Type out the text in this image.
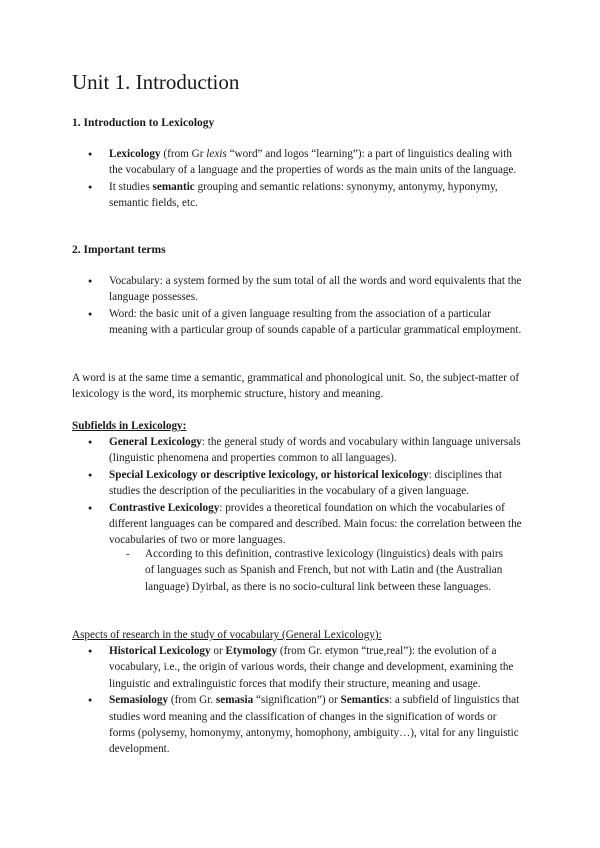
Unit 1. Introduction

1. Introduction to Lexicology

● Lexicology (from Gr lexis “word” and logos “learning”): a part of linguistics dealing with the vocabulary of a language and the properties of words as the main units of the language.
● It studies semantic grouping and semantic relations: synonymy, antonymy, hyponymy, semantic fields, etc.

2. Important terms

● Vocabulary: a system formed by the sum total of all the words and word equivalents that the language possesses.
● Word: the basic unit of a given language resulting from the association of a particular meaning with a particular group of sounds capable of a particular grammatical employment.

A word is at the same time a semantic, grammatical and phonological unit. So, the subject-matter of lexicology is the word, its morphemic structure, history and meaning.

Subfields in Lexicology:

● General Lexicology: the general study of words and vocabulary within language universals (linguistic phenomena and properties common to all languages).
● Special Lexicology or descriptive lexicology, or historical lexicology: disciplines that studies the description of the peculiarities in the vocabulary of a given language.
● Contrastive Lexicology: provides a theoretical foundation on which the vocabularies of different languages can be compared and described. Main focus: the correlation between the vocabularies of two or more languages.
- According to this definition, contrastive lexicology (linguistics) deals with pairs of languages such as Spanish and French, but not with Latin and (the Australian language) Dyirbal, as there is no socio-cultural link between these languages.

Aspects of research in the study of vocabulary (General Lexicology):

● Historical Lexicology or Etymology (from Gr. etymon “true,real”): the evolution of a vocabulary, i.e., the origin of various words, their change and development, examining the linguistic and extralinguistic forces that modify their structure, meaning and usage.
● Semasiology (from Gr. semasia “signification”) or Semantics: a subfield of linguistics that studies word meaning and the classification of changes in the signification of words or forms (polysemy, homonymy, antonymy, homophony, ambiguity…), vital for any linguistic development.
